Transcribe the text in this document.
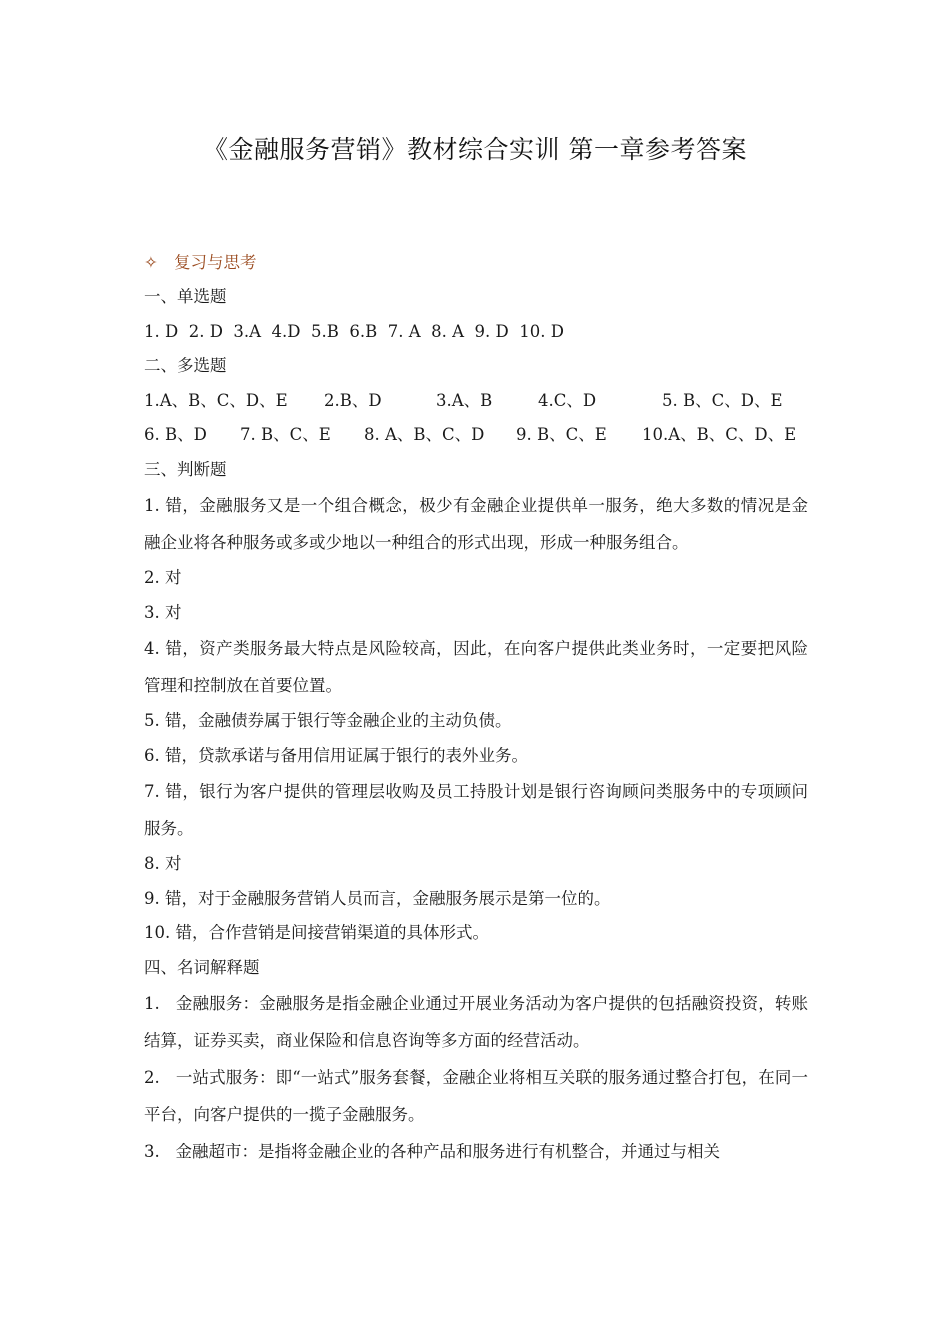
《金融服务营销》教材综合实训 第一章参考答案
✧ 复习与思考
一、单选题
1. D  2. D  3.A  4.D  5.B  6.B  7. A  8. A  9. D  10. D
二、多选题
1.A、B、C、D、E 2.B、D	3.A、B	4.C、D	5. B、C、D、E
6. B、D 7. B、C、E 8. A、B、C、D 9. B、C、E 10.A、B、C、D、E
三、判断题
1. 错，金融服务又是一个组合概念，极少有金融企业提供单一服务，绝大多数的情况是金融企业将各种服务或多或少地以一种组合的形式出现，形成一种服务组合。
2. 对
3. 对
4. 错，资产类服务最大特点是风险较高，因此，在向客户提供此类业务时，一定要把风险管理和控制放在首要位置。
5. 错，金融债券属于银行等金融企业的主动负债。
6. 错，贷款承诺与备用信用证属于银行的表外业务。
7. 错，银行为客户提供的管理层收购及员工持股计划是银行咨询顾问类服务中的专项顾问服务。
8. 对
9. 错，对于金融服务营销人员而言，金融服务展示是第一位的。
10. 错，合作营销是间接营销渠道的具体形式。
四、名词解释题
1.   金融服务：金融服务是指金融企业通过开展业务活动为客户提供的包括融资投资，转账结算，证券买卖，商业保险和信息咨询等多方面的经营活动。
2.   一站式服务：即“一站式”服务套餐，金融企业将相互关联的服务通过整合打包，在同一平台，向客户提供的一揽子金融服务。
3.   金融超市：是指将金融企业的各种产品和服务进行有机整合，并通过与相关
